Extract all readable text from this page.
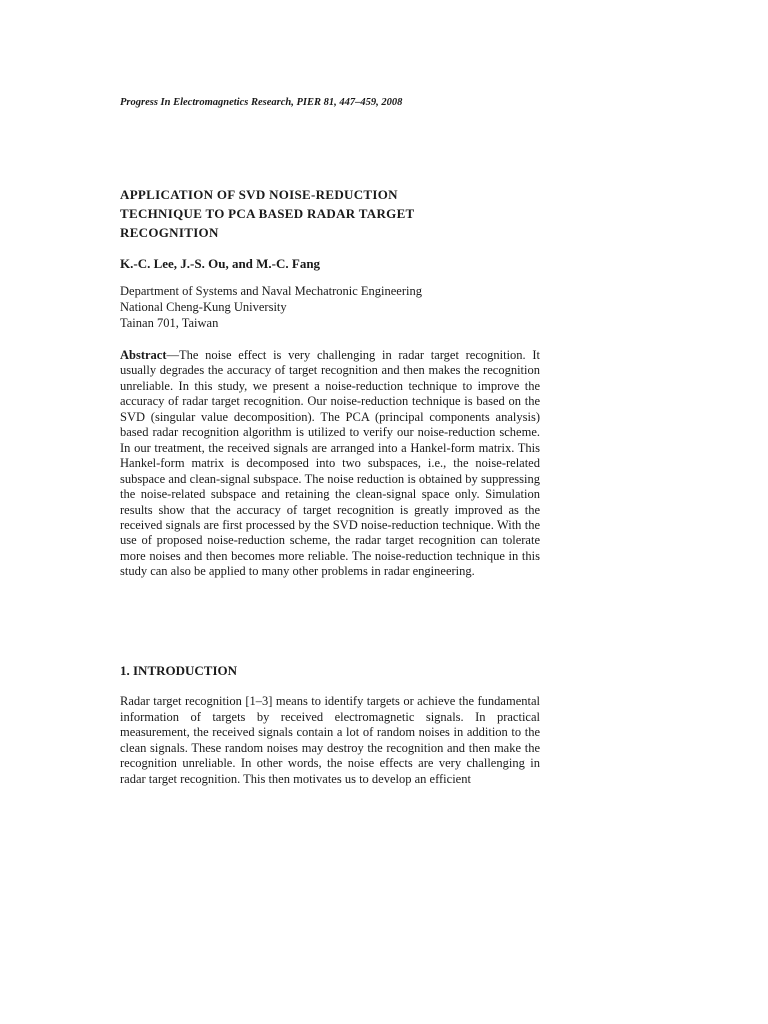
Progress In Electromagnetics Research, PIER 81, 447–459, 2008
APPLICATION OF SVD NOISE-REDUCTION
TECHNIQUE TO PCA BASED RADAR TARGET
RECOGNITION
K.-C. Lee, J.-S. Ou, and M.-C. Fang
Department of Systems and Naval Mechatronic Engineering
National Cheng-Kung University
Tainan 701, Taiwan
Abstract—The noise effect is very challenging in radar target recognition. It usually degrades the accuracy of target recognition and then makes the recognition unreliable. In this study, we present a noise-reduction technique to improve the accuracy of radar target recognition. Our noise-reduction technique is based on the SVD (singular value decomposition). The PCA (principal components analysis) based radar recognition algorithm is utilized to verify our noise-reduction scheme. In our treatment, the received signals are arranged into a Hankel-form matrix. This Hankel-form matrix is decomposed into two subspaces, i.e., the noise-related subspace and clean-signal subspace. The noise reduction is obtained by suppressing the noise-related subspace and retaining the clean-signal space only. Simulation results show that the accuracy of target recognition is greatly improved as the received signals are first processed by the SVD noise-reduction technique. With the use of proposed noise-reduction scheme, the radar target recognition can tolerate more noises and then becomes more reliable. The noise-reduction technique in this study can also be applied to many other problems in radar engineering.
1. INTRODUCTION
Radar target recognition [1–3] means to identify targets or achieve the fundamental information of targets by received electromagnetic signals. In practical measurement, the received signals contain a lot of random noises in addition to the clean signals. These random noises may destroy the recognition and then make the recognition unreliable. In other words, the noise effects are very challenging in radar target recognition. This then motivates us to develop an efficient
